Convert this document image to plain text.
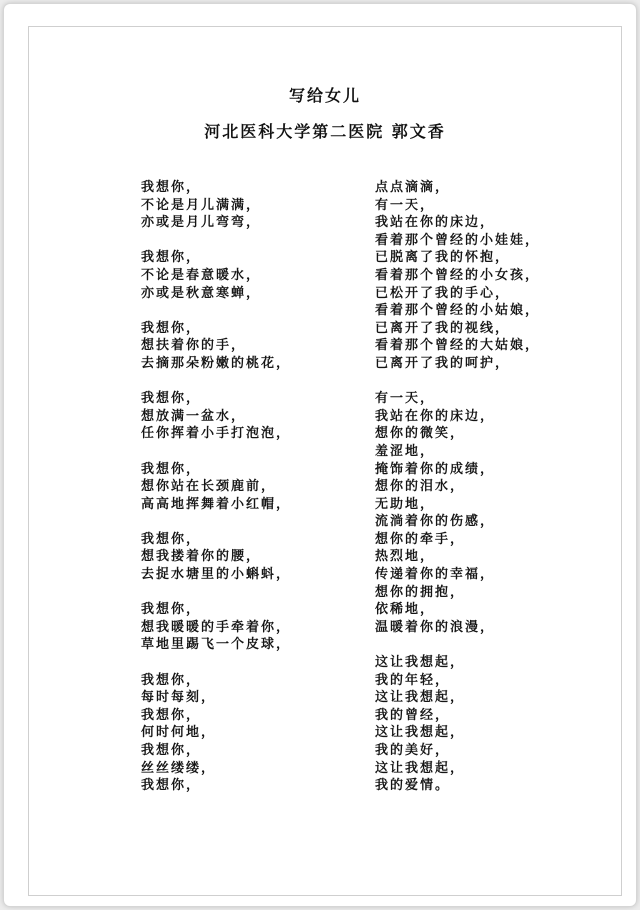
写给女儿
河北医科大学第二医院 郭文香
我想你，
不论是月儿满满，
亦或是月儿弯弯，
我想你，
不论是春意暖水，
亦或是秋意寒蝉，
我想你，
想扶着你的手，
去摘那朵粉嫩的桃花，
我想你，
想放满一盆水，
任你挥着小手打泡泡，
我想你，
想你站在长颈鹿前，
高高地挥舞着小红帽，
我想你，
想我搂着你的腰，
去捉水塘里的小蝌蚪，
我想你，
想我暖暖的手牵着你，
草地里踢飞一个皮球，
我想你，
每时每刻，
我想你，
何时何地，
我想你，
丝丝缕缕，
我想你，
点点滴滴，
有一天，
我站在你的床边，
看着那个曾经的小娃娃，
已脱离了我的怀抱，
看着那个曾经的小女孩，
已松开了我的手心，
看着那个曾经的小姑娘，
已离开了我的视线，
看着那个曾经的大姑娘，
已离开了我的呵护，
有一天，
我站在你的床边，
想你的微笑，
羞涩地，
掩饰着你的成绩，
想你的泪水，
无助地，
流淌着你的伤感，
想你的牵手，
热烈地，
传递着你的幸福，
想你的拥抱，
依稀地，
温暖着你的浪漫，
这让我想起，
我的年轻，
这让我想起，
我的曾经，
这让我想起，
我的美好，
这让我想起，
我的爱情。
